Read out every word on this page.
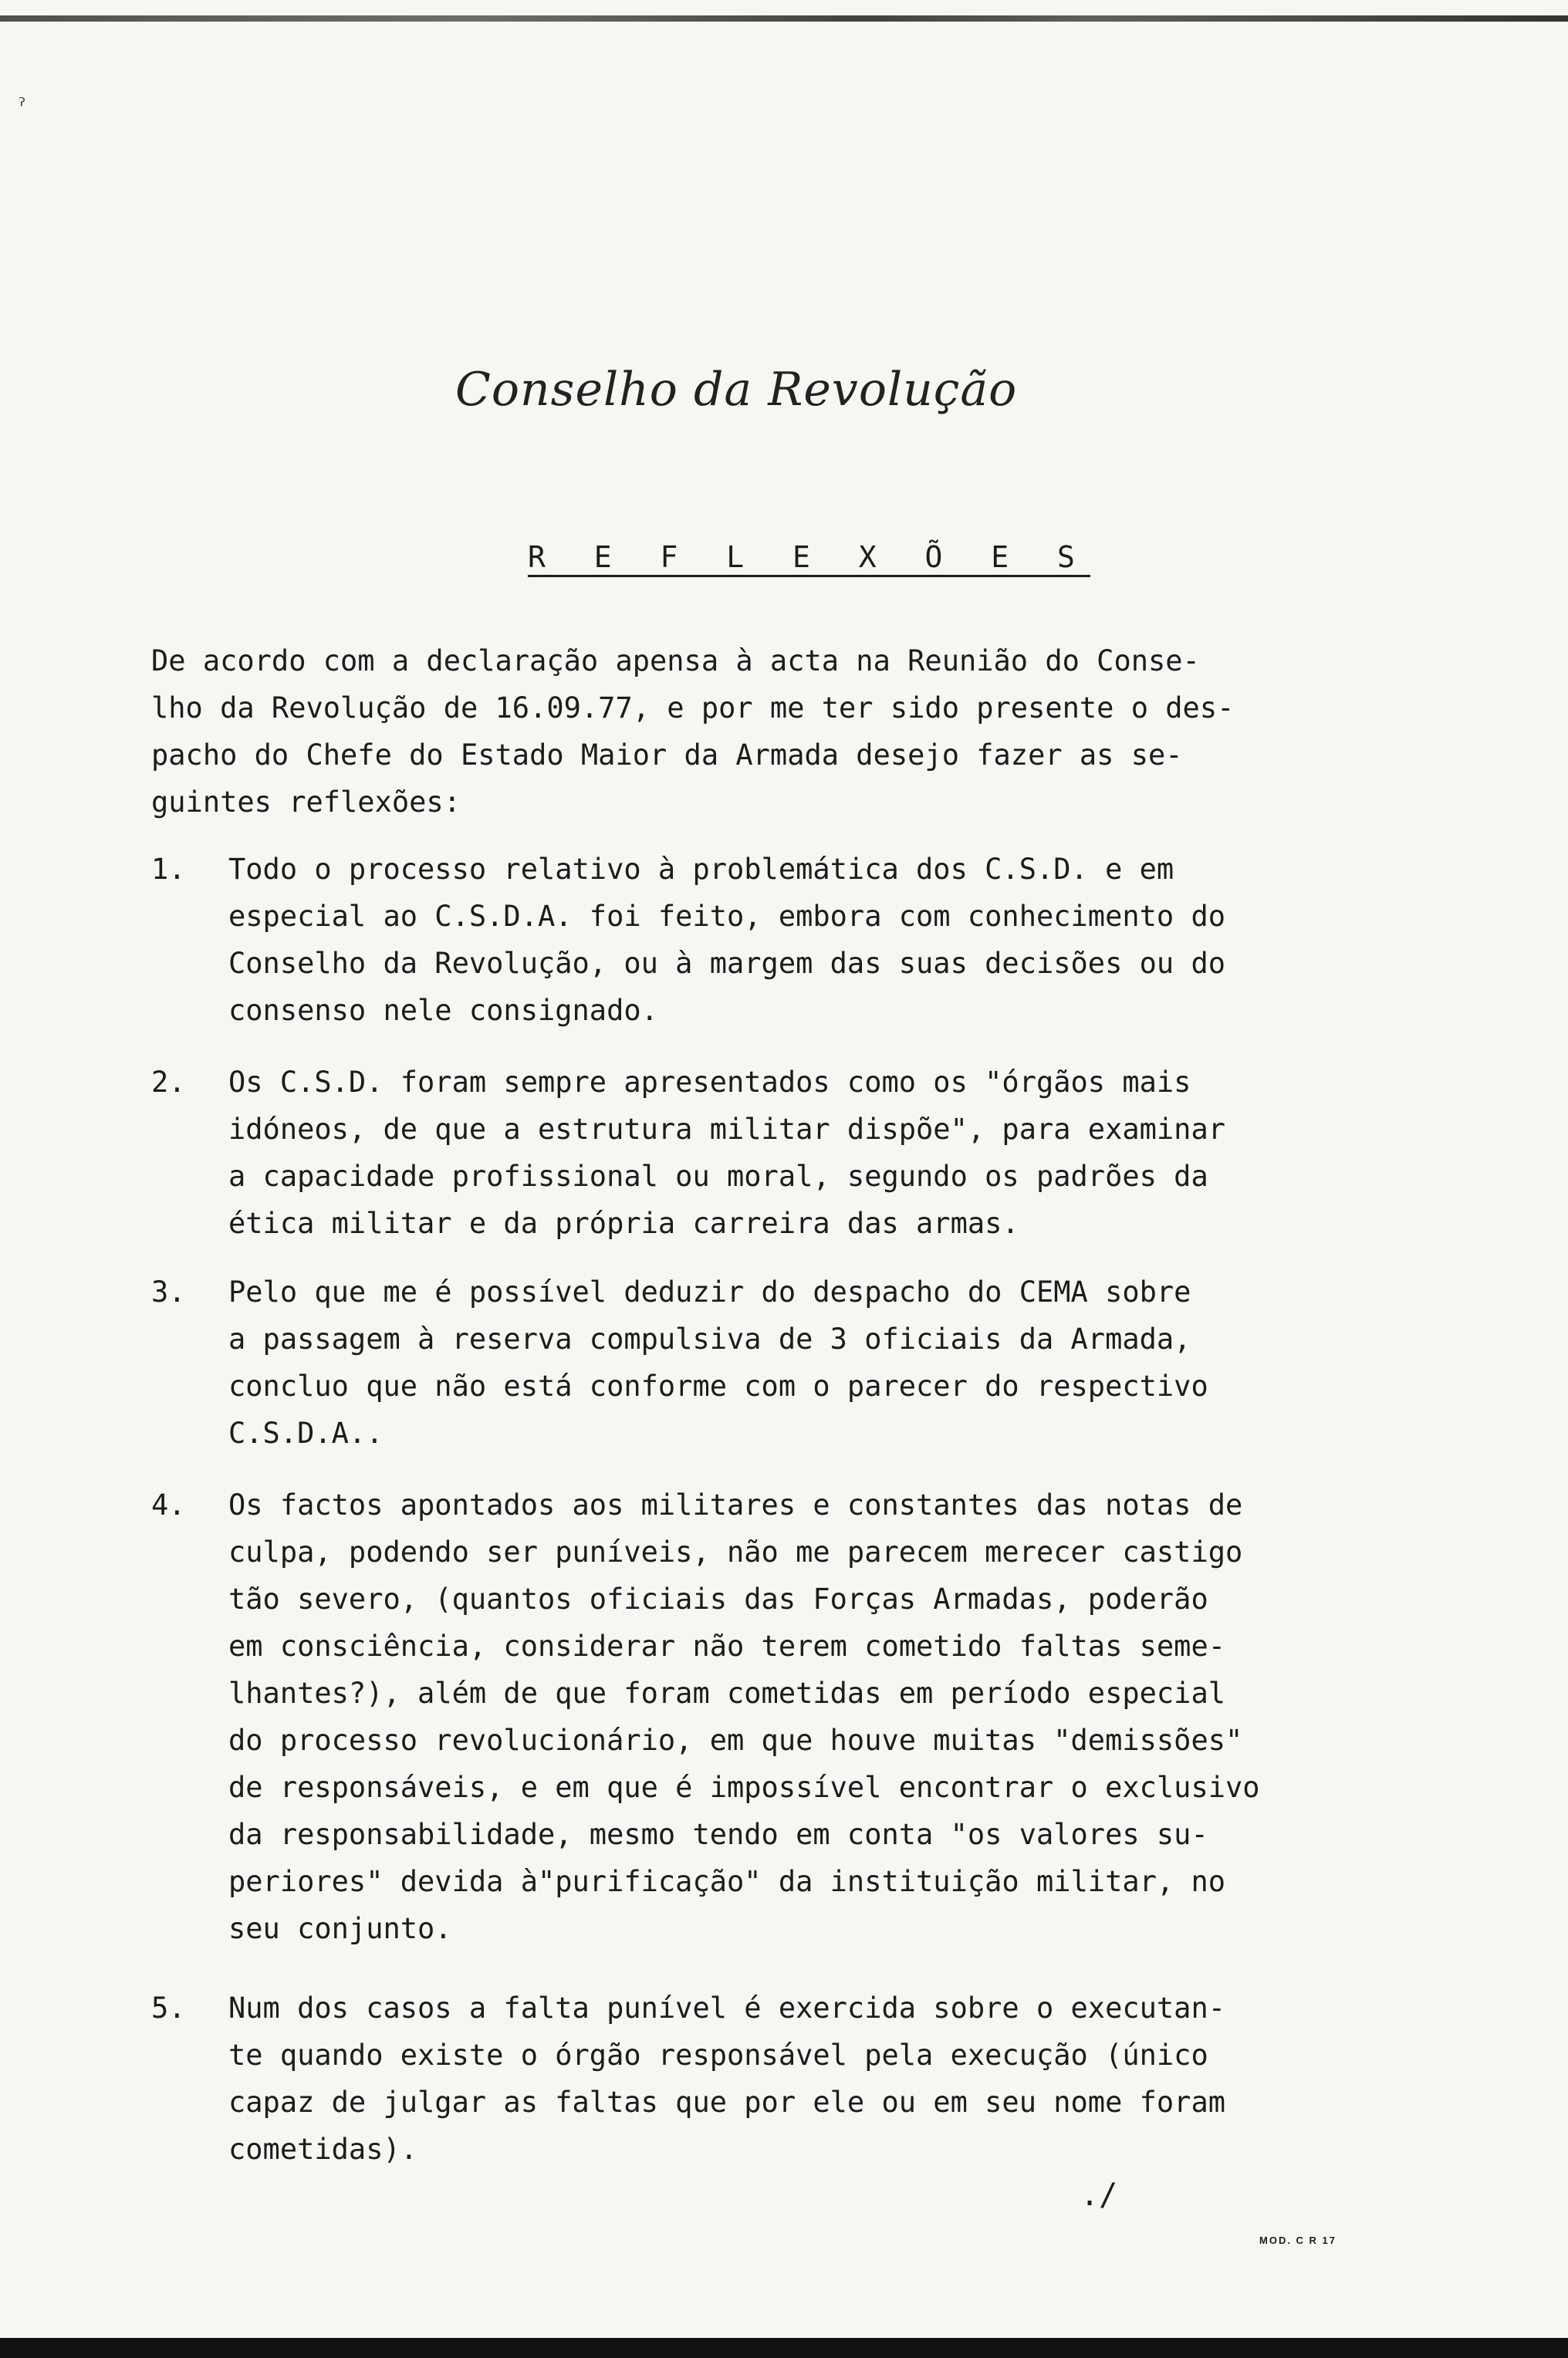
ˀ
Conselho da Revolução
R E F L E X Õ E S
De acordo com a declaração apensa à acta na Reunião do Conse-
lho da Revolução de 16.09.77, e por me ter sido presente o des-
pacho do Chefe do Estado Maior da Armada desejo fazer as se-
guintes reflexões:
1. Todo o processo relativo à problemática dos C.S.D. e em
especial ao C.S.D.A. foi feito, embora com conhecimento do
Conselho da Revolução, ou à margem das suas decisões ou do
consenso nele consignado.
2. Os C.S.D. foram sempre apresentados como os "órgãos mais
idóneos, de que a estrutura militar dispõe", para examinar
a capacidade profissional ou moral, segundo os padrões da
ética militar e da própria carreira das armas.
3. Pelo que me é possível deduzir do despacho do CEMA sobre
a passagem à reserva compulsiva de 3 oficiais da Armada,
concluo que não está conforme com o parecer do respectivo
C.S.D.A..
4. Os factos apontados aos militares e constantes das notas de
culpa, podendo ser puníveis, não me parecem merecer castigo
tão severo, (quantos oficiais das Forças Armadas, poderão
em consciência, considerar não terem cometido faltas seme-
lhantes?), além de que foram cometidas em período especial
do processo revolucionário, em que houve muitas "demissões"
de responsáveis, e em que é impossível encontrar o exclusivo
da responsabilidade, mesmo tendo em conta "os valores su-
periores" devida à"purificação" da instituição militar, no
seu conjunto.
5. Num dos casos a falta punível é exercida sobre o executan-
te quando existe o órgão responsável pela execução (único
capaz de julgar as faltas que por ele ou em seu nome foram
cometidas).
./
MOD. C R 17
